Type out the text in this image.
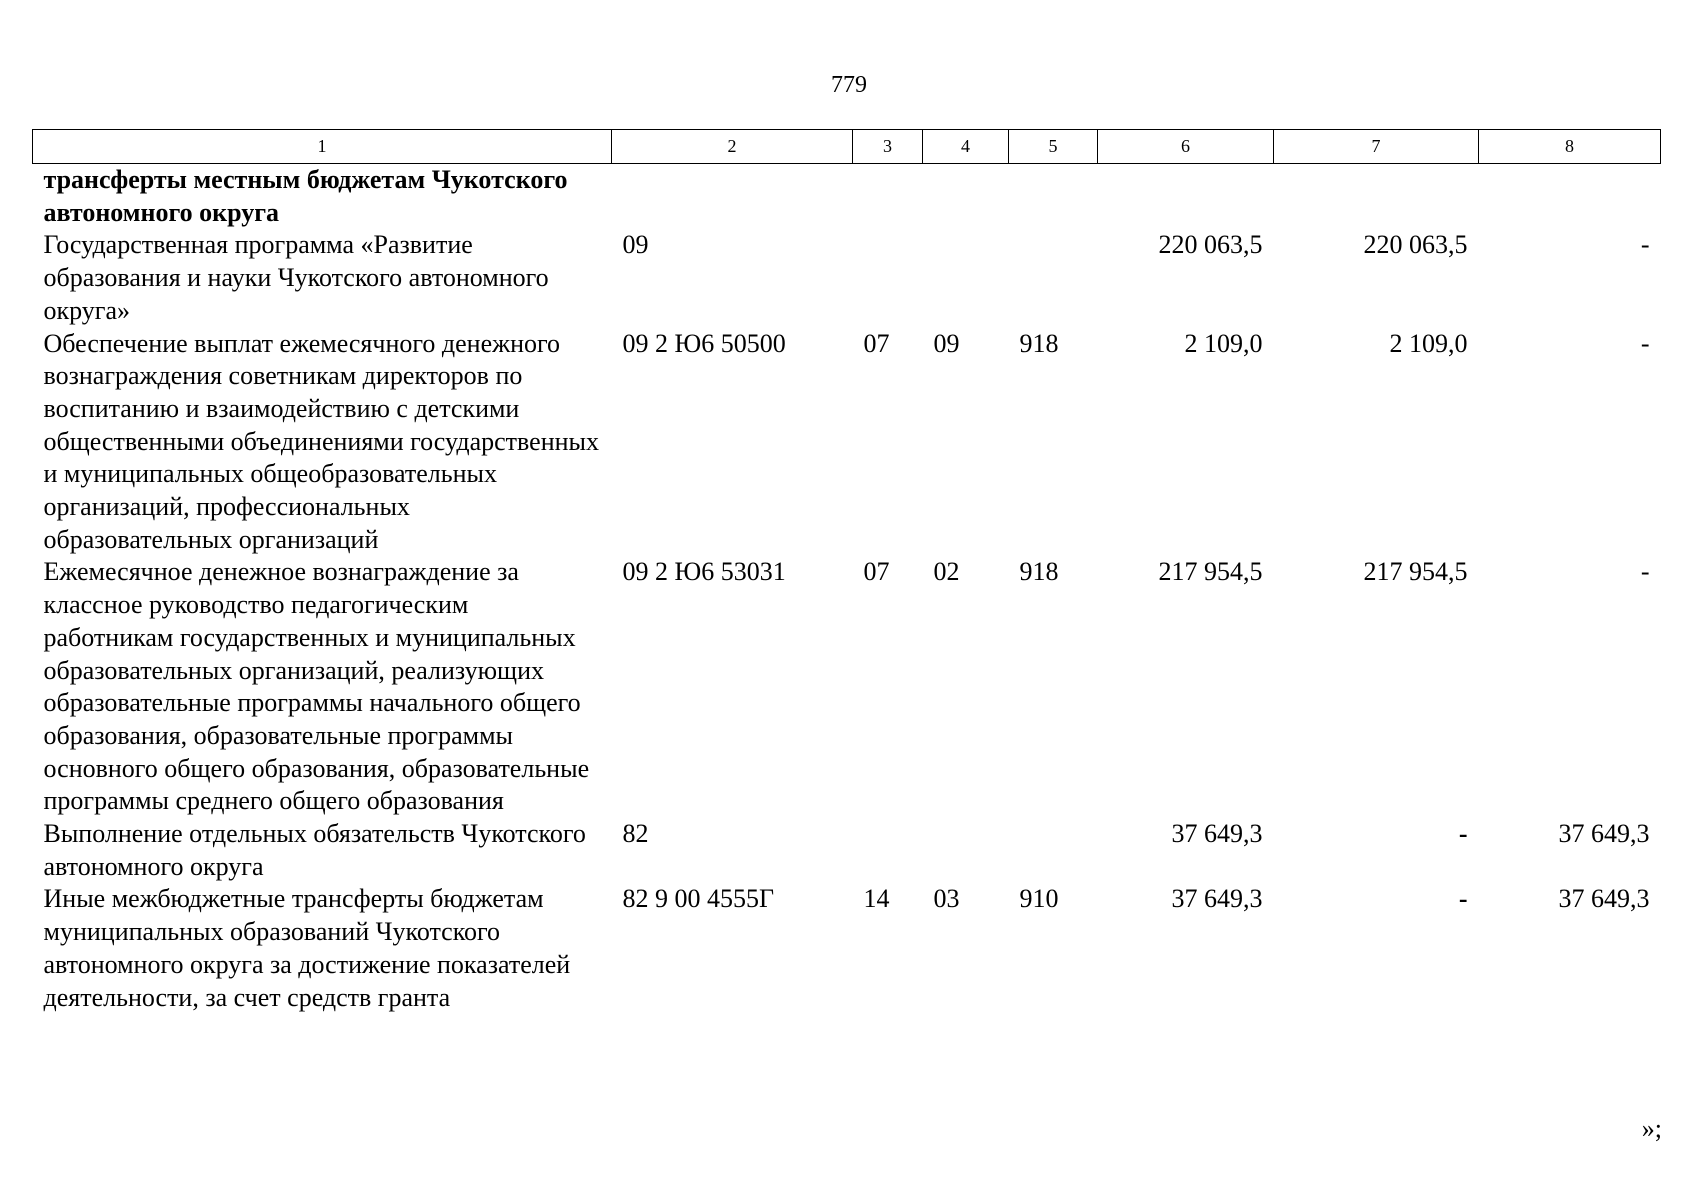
779
1	2	3	4	5	6	7	8
трансферты местным бюджетам Чукотского автономного округа							
Государственная программа «Развитие образования и науки Чукотского автономного округа»	09				220 063,5	220 063,5	-
Обеспечение выплат ежемесячного денежного вознаграждения советникам директоров по воспитанию и взаимодействию с детскими общественными объединениями государственных и муниципальных общеобразовательных организаций, профессиональных образовательных организаций	09 2 Ю6 50500	07	09	918	2 109,0	2 109,0	-
Ежемесячное денежное вознаграждение за классное руководство педагогическим работникам государственных и муниципальных образовательных организаций, реализующих образовательные программы начального общего образования, образовательные программы основного общего образования, образовательные программы среднего общего образования	09 2 Ю6 53031	07	02	918	217 954,5	217 954,5	-
Выполнение отдельных обязательств Чукотского автономного округа	82				37 649,3	-	37 649,3
Иные межбюджетные трансферты бюджетам муниципальных образований Чукотского автономного округа за достижение показателей деятельности, за счет средств гранта	82 9 00 4555Г	14	03	910	37 649,3	-	37 649,3
»;
